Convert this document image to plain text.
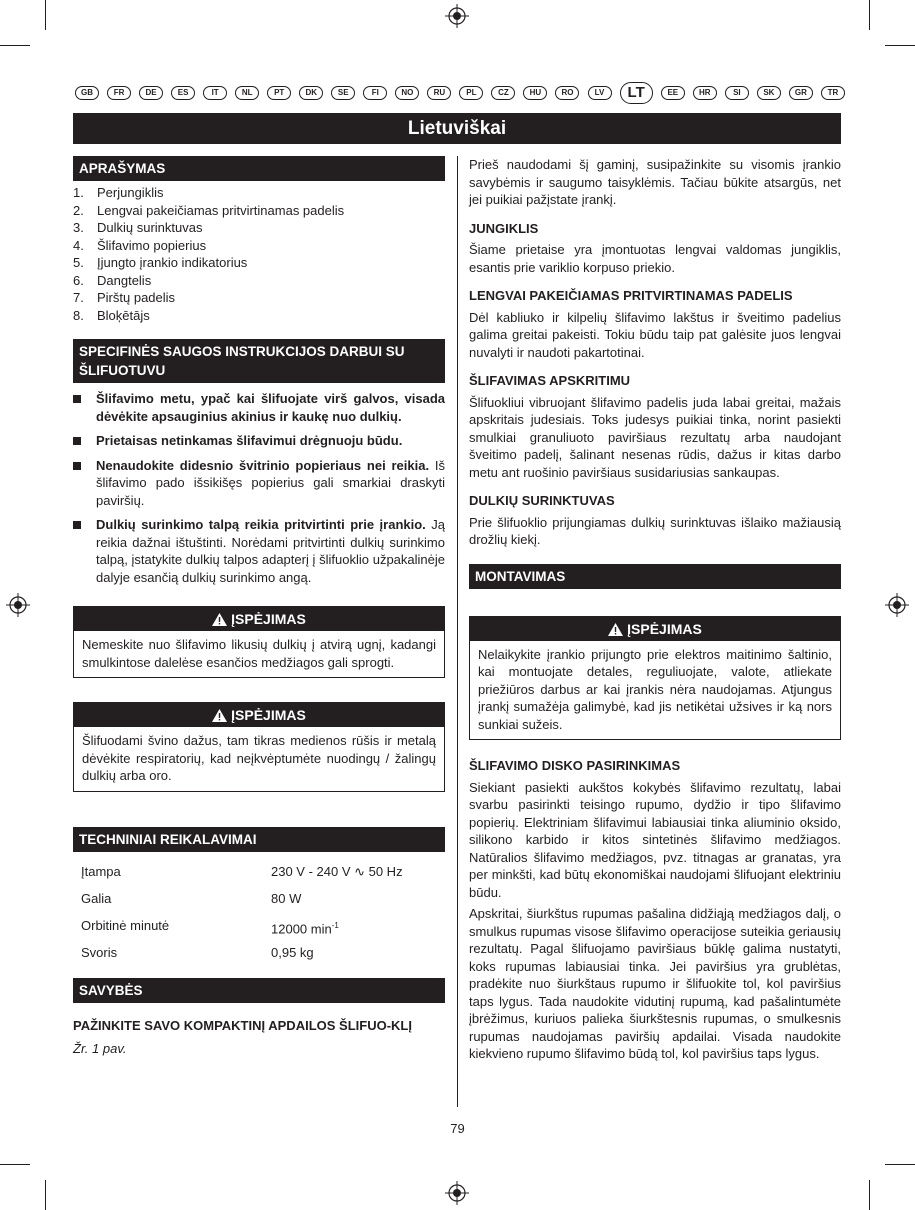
GB	FR	DE	ES	IT	NL	PT	DK	SE	FI	NO	RU	PL	CZ	HU	RO	LV	LT	EE	HR	SI	SK	GR	TR
Lietuviškai
APRAŠYMAS
1.	Perjungiklis
2.	Lengvai pakeičiamas pritvirtinamas padelis
3.	Dulkių surinktuvas
4.	Šlifavimo popierius
5.	Įjungto įrankio indikatorius
6.	Dangtelis
7.	Pirštų padelis
8.	Bloķētājs
SPECIFINĖS SAUGOS INSTRUKCIJOS DARBUI SU ŠLIFUOTUVU
Šlifavimo metu, ypač kai šlifuojate virš galvos, visada dėvėkite apsauginius akinius ir kaukę nuo dulkių.
Prietaisas netinkamas šlifavimui drėgnuoju būdu.
Nenaudokite didesnio švitrinio popieriaus nei reikia. Iš šlifavimo pado išsikišęs popierius gali smarkiai draskyti paviršių.
Dulkių surinkimo talpą reikia pritvirtinti prie įrankio. Ją reikia dažnai ištuštinti. Norėdami pritvirtinti dulkių surinkimo talpą, įstatykite dulkių talpos adapterį į šlifuoklio užpakalinėje dalyje esančią dulkių surinkimo angą.
ĮSPĖJIMAS
Nemeskite nuo šlifavimo likusių dulkių į atvirą ugnį, kadangi smulkintose dalelėse esančios medžiagos gali sprogti.
ĮSPĖJIMAS
Šlifuodami švino dažus, tam tikras medienos rūšis ir metalą dėvėkite respiratorių, kad neįkvėptumėte nuodingų / žalingų dulkių arba oro.
TECHNINIAI REIKALAVIMAI
Įtampa	230 V - 240 V ∿ 50 Hz
Galia	80 W
Orbitinė minutė	12000 $\min^{-1}$
Svoris	0,95 kg
SAVYBĖS
PAŽINKITE SAVO KOMPAKTINĮ APDAILOS ŠLIFUO-KLĮ
Žr. 1 pav.

Prieš naudodami šį gaminį, susipažinkite su visomis įrankio savybėmis ir saugumo taisyklėmis. Tačiau būkite atsargūs, net jei puikiai pažįstate įrankį.

JUNGIKLIS

Šiame prietaise yra įmontuotas lengvai valdomas jungiklis, esantis prie variklio korpuso priekio.

LENGVAI PAKEIČIAMAS PRITVIRTINAMAS PADELIS

Dėl kabliuko ir kilpelių šlifavimo lakštus ir šveitimo padelius galima greitai pakeisti. Tokiu būdu taip pat galėsite juos lengvai nuvalyti ir naudoti pakartotinai.

ŠLIFAVIMAS APSKRITIMU

Šlifuokliui vibruojant šlifavimo padelis juda labai greitai, mažais apskritais judesiais. Toks judesys puikiai tinka, norint pasiekti smulkiai granuliuoto paviršiaus rezultatų arba naudojant šveitimo padelį, šalinant nesenas rūdis, dažus ir kitas darbo metu ant ruošinio paviršiaus susidariusias sankaupas.

DULKIŲ SURINKTUVAS

Prie šlifuoklio prijungiamas dulkių surinktuvas išlaiko mažiausią drožlių kiekį.

MONTAVIMAS
ĮSPĖJIMAS
Nelaikykite įrankio prijungto prie elektros maitinimo šaltinio, kai montuojate detales, reguliuojate, valote, atliekate priežiūros darbus ar kai įrankis nėra naudojamas. Atjungus įrankį sumažėja galimybė, kad jis netikėtai užsives ir ką nors sunkiai sužeis.
ŠLIFAVIMO DISKO PASIRINKIMAS

Siekiant pasiekti aukštos kokybės šlifavimo rezultatų, labai svarbu pasirinkti teisingo rupumo, dydžio ir tipo šlifavimo popierių. Elektriniam šlifavimui labiausiai tinka aliuminio oksido, silikono karbido ir kitos sintetinės šlifavimo medžiagos. Natūralios šlifavimo medžiagos, pvz. titnagas ar granatas, yra per minkšti, kad būtų ekonomiškai naudojami šlifuojant elektriniu būdu.

Apskritai, šiurkštus rupumas pašalina didžiąją medžiagos dalį, o smulkus rupumas visose šlifavimo operacijose suteikia geriausių rezultatų. Pagal šlifuojamo paviršiaus būklę galima nustatyti, koks rupumas labiausiai tinka. Jei paviršius yra grublėtas, pradėkite nuo šiurkštaus rupumo ir šlifuokite tol, kol paviršius taps lygus. Tada naudokite vidutinį rupumą, kad pašalintumėte įbrėžimus, kuriuos palieka šiurkštesnis rupumas, o smulkesnis rupumas naudojamas paviršių apdailai. Visada naudokite kiekvieno rupumo šlifavimo būdą tol, kol paviršius taps lygus.

79
